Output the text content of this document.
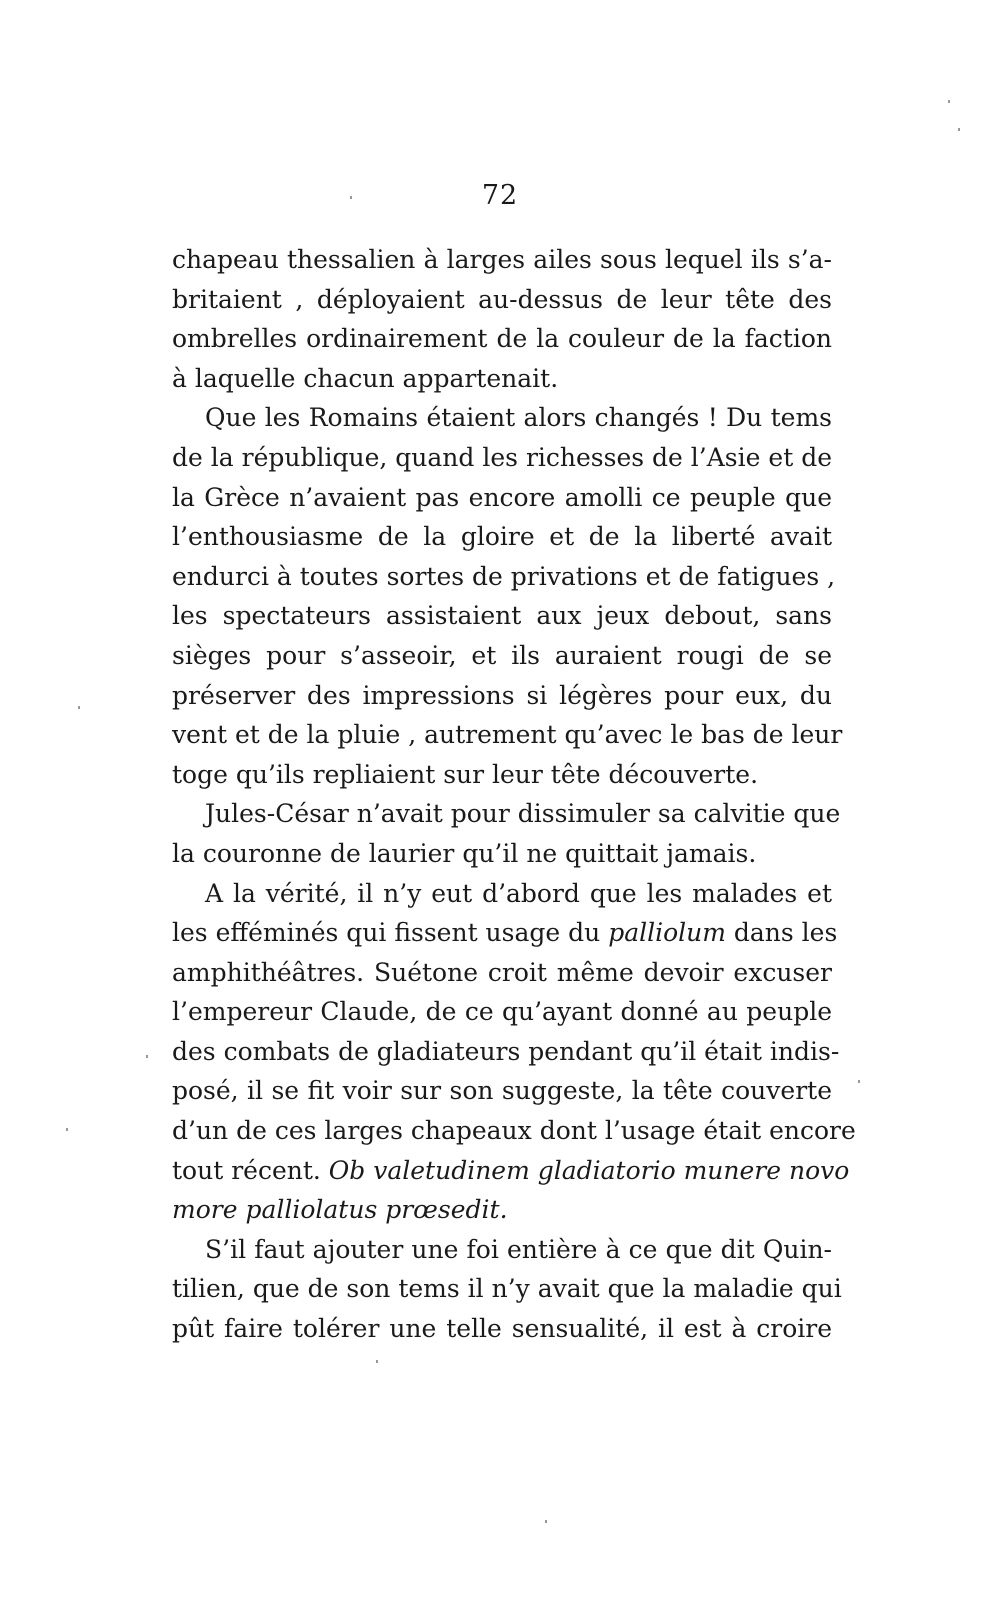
72
chapeau thessalien à larges ailes sous lequel ils s’a-
britaient , déployaient au-dessus de leur tête des
ombrelles ordinairement de la couleur de la faction
à laquelle chacun appartenait.
Que les Romains étaient alors changés ! Du tems
de la république, quand les richesses de l’Asie et de
la Grèce n’avaient pas encore amolli ce peuple que
l’enthousiasme de la gloire et de la liberté avait
endurci à toutes sortes de privations et de fatigues ,
les spectateurs assistaient aux jeux debout, sans
sièges pour s’asseoir, et ils auraient rougi de se
préserver des impressions si légères pour eux, du
vent et de la pluie , autrement qu’avec le bas de leur
toge qu’ils repliaient sur leur tête découverte.
Jules-César n’avait pour dissimuler sa calvitie que
la couronne de laurier qu’il ne quittait jamais.
A la vérité, il n’y eut d’abord que les malades et
les efféminés qui fissent usage du palliolum dans les
amphithéâtres. Suétone croit même devoir excuser
l’empereur Claude, de ce qu’ayant donné au peuple
des combats de gladiateurs pendant qu’il était indis-
posé, il se fit voir sur son suggeste, la tête couverte
d’un de ces larges chapeaux dont l’usage était encore
tout récent. Ob valetudinem gladiatorio munere novo
more palliolatus prœsedit.
S’il faut ajouter une foi entière à ce que dit Quin-
tilien, que de son tems il n’y avait que la maladie qui
pût faire tolérer une telle sensualité, il est à croire
